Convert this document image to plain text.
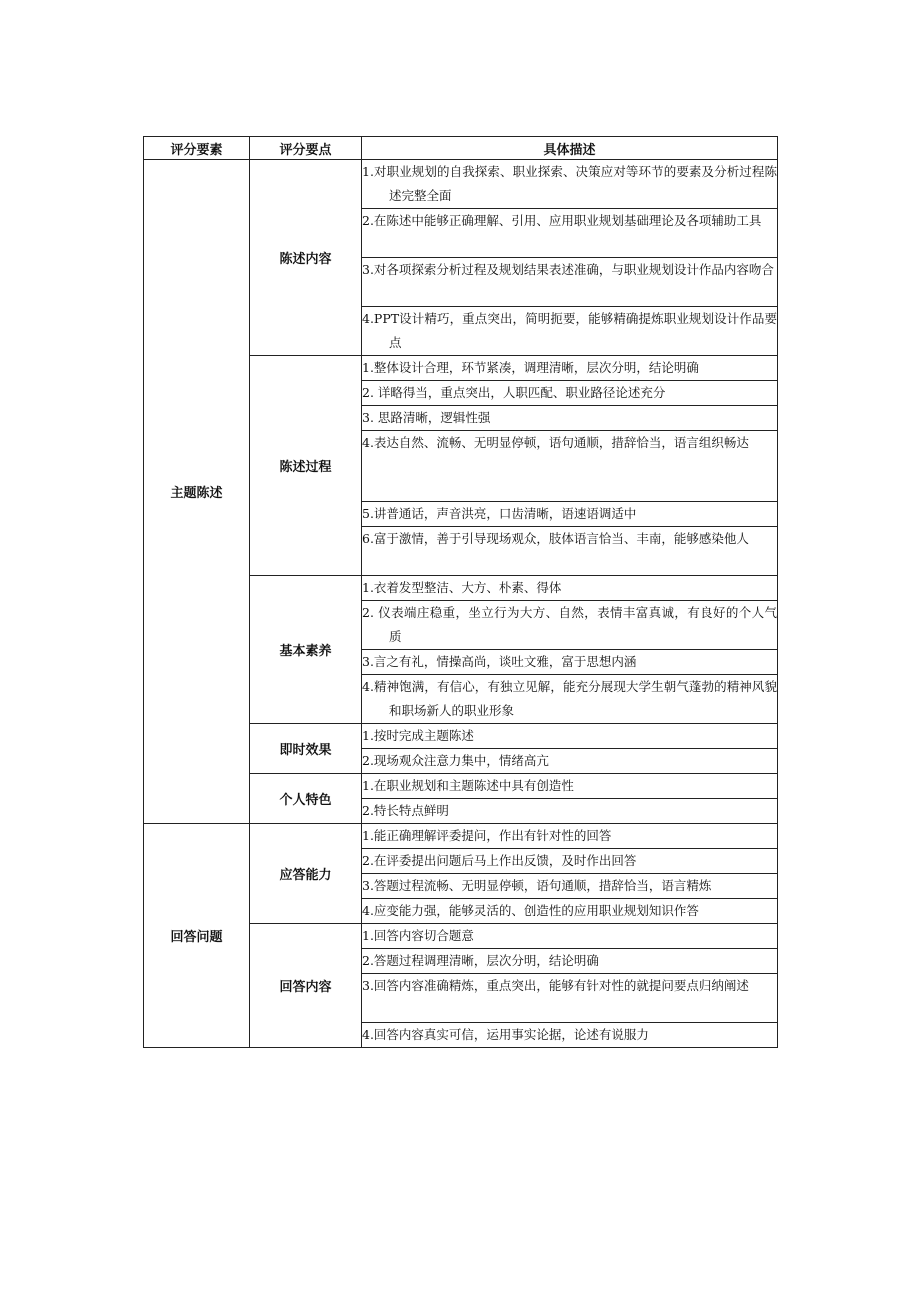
评分要素	评分要点	具体描述
主题陈述	陈述内容	1.对职业规划的自我探索、职业探索、决策应对等环节的要素及分析过程陈述完整全面

		2.在陈述中能够正确理解、引用、应用职业规划基础理论及各项辅助工具

		3.对各项探索分析过程及规划结果表述准确，与职业规划设计作品内容吻合

		4.PPT设计精巧，重点突出，简明扼要，能够精确提炼职业规划设计作品要点

	陈述过程	1.整体设计合理，环节紧凑，调理清晰，层次分明，结论明确

		2. 详略得当，重点突出，人职匹配、职业路径论述充分

		3. 思路清晰，逻辑性强

		4.表达自然、流畅、无明显停顿，语句通顺，措辞恰当，语言组织畅达

		5.讲普通话，声音洪亮，口齿清晰，语速语调适中

		6.富于激情，善于引导现场观众，肢体语言恰当、丰南，能够感染他人

	基本素养	1.衣着发型整洁、大方、朴素、得体

		2. 仪表端庄稳重，坐立行为大方、自然，表情丰富真诚，有良好的个人气质

		3.言之有礼，情操高尚，谈吐文雅，富于思想内涵

		4.精神饱满，有信心，有独立见解，能充分展现大学生朝气蓬勃的精神风貌和职场新人的职业形象

	即时效果	1.按时完成主题陈述

		2.现场观众注意力集中，情绪高亢

	个人特色	1.在职业规划和主题陈述中具有创造性

		2.特长特点鲜明

回答问题	应答能力	1.能正确理解评委提问，作出有针对性的回答

		2.在评委提出问题后马上作出反馈，及时作出回答

		3.答题过程流畅、无明显停顿，语句通顺，措辞恰当，语言精炼

		4.应变能力强，能够灵活的、创造性的应用职业规划知识作答

	回答内容	1.回答内容切合题意

		2.答题过程调理清晰，层次分明，结论明确

		3.回答内容准确精炼，重点突出，能够有针对性的就提问要点归纳阐述

		4.回答内容真实可信，运用事实论据，论述有说服力
